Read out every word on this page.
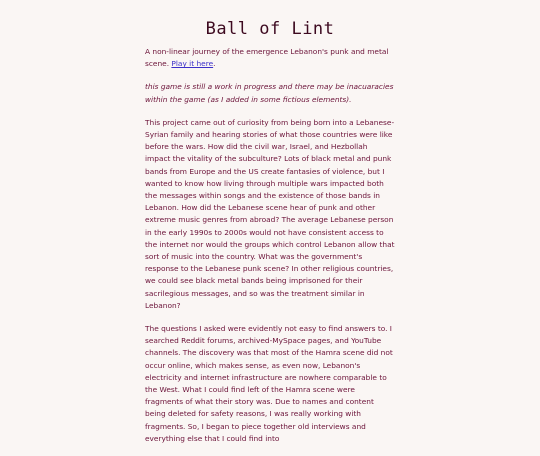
Ball of Lint

A non-linear journey of the emergence Lebanon's punk and metal scene. Play it here.

this game is still a work in progress and there may be inacuaracies within the game (as I added in some fictious elements).

This project came out of curiosity from being born into a Lebanese-Syrian family and hearing stories of what those countries were like before the wars. How did the civil war, Israel, and Hezbollah impact the vitality of the subculture? Lots of black metal and punk bands from Europe and the US create fantasies of violence, but I wanted to know how living through multiple wars impacted both the messages within songs and the existence of those bands in Lebanon. How did the Lebanese scene hear of punk and other extreme music genres from abroad? The average Lebanese person in the early 1990s to 2000s would not have consistent access to the internet nor would the groups which control Lebanon allow that sort of music into the country. What was the government's response to the Lebanese punk scene? In other religious countries, we could see black metal bands being imprisoned for their sacrilegious messages, and so was the treatment similar in Lebanon?

The questions I asked were evidently not easy to find answers to. I searched Reddit forums, archived-MySpace pages, and YouTube channels. The discovery was that most of the Hamra scene did not occur online, which makes sense, as even now, Lebanon's electricity and internet infrastructure are nowhere comparable to the West. What I could find left of the Hamra scene were fragments of what their story was. Due to names and content being deleted for safety reasons, I was really working with fragments. So, I began to piece together old interviews and everything else that I could find into
